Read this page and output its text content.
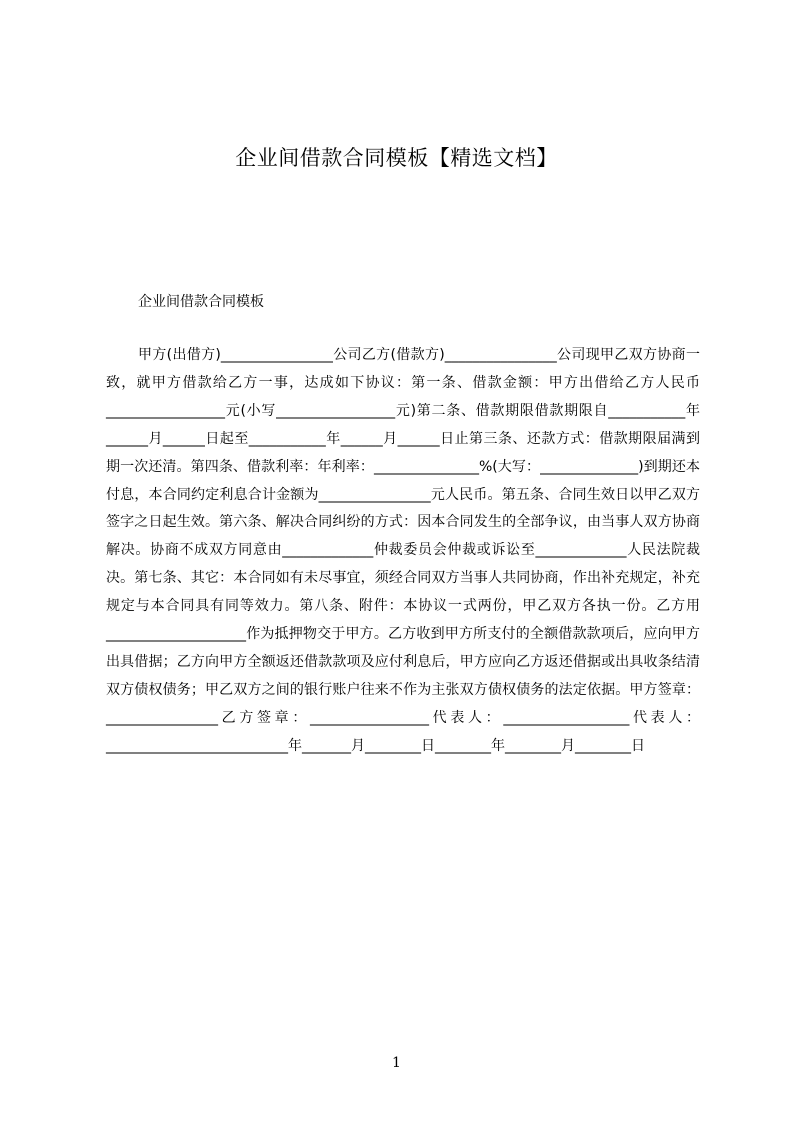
企业间借款合同模板【精选文档】
企业间借款合同模板

甲方(出借方)________________公司乙方(借款方)________________公司现甲乙双方协商一致，就甲方借款给乙方一事，达成如下协议：第一条、借款金额：甲方出借给乙方人民币_________________元(小写_________________元)第二条、借款期限借款期限自___________年______月______日起至___________年______月______日止第三条、还款方式：借款期限届满到期一次还清。第四条、借款利率：年利率：_______________%(大写：______________)到期还本付息，本合同约定利息合计金额为________________元人民币。第五条、合同生效日以甲乙双方签字之日起生效。第六条、解决合同纠纷的方式：因本合同发生的全部争议，由当事人双方协商解决。协商不成双方同意由_____________仲裁委员会仲裁或诉讼至_____________人民法院裁决。第七条、其它：本合同如有未尽事宜，须经合同双方当事人共同协商，作出补充规定，补充规定与本合同具有同等效力。第八条、附件：本协议一式两份，甲乙双方各执一份。乙方用____________________作为抵押物交于甲方。乙方收到甲方所支付的全额借款款项后，应向甲方出具借据；乙方向甲方全额返还借款款项及应付利息后，甲方应向乙方返还借据或出具收条结清双方债权债务；甲乙双方之间的银行账户往来不作为主张双方债权债务的法定依据。甲方签章：________________乙方签章：_________________代表人：__________________代表人：__________________________年_______月________日________年________月________日

1
